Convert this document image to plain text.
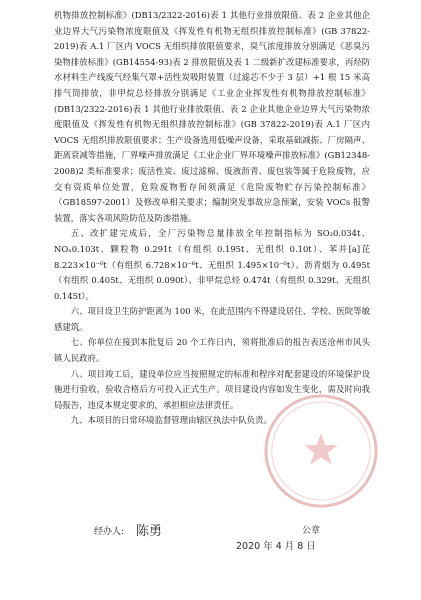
机物排放控制标准》(DB13/2322-2016)表 1 其他行业排放限值、表 2 企业其他企业边界大气污染物浓度限值及《挥发性有机物无组织排放控制标准》(GB 37822-2019)表 A.1 厂区内 VOCS 无组织排放限值要求，臭气浓度排放分别满足《恶臭污染物排放标准》(GB14554-93)表 2 排放限值及表 1 二级新扩改建标准要求，丙烃防水材料生产线废气经集气罩+活性炭吸附装置（过滤芯不少于 3 层）+1 根 15 米高排气筒排放，非甲烷总烃排放分别满足《工业企业挥发性有机物排放控制标准》(DB13/2322-2016)表 1 其他行业排放限值、表 2 企业其他企业边界大气污染物浓度限值及《挥发性有机物无组织排放控制标准》(GB 37822-2019)表 A.1 厂区内 VOCS 无组织排放限值要求；生产设备选用低噪声设备，采取基础减振、厂房隔声、距离衰减等措施，厂界噪声排放满足《工业企业厂界环境噪声排放标准》(GB12348-2008)2 类标准要求；废活性炭、废过滤棉、废液沥青、废包装等属于危险废物，应交有资质单位处置，危险废物暂存间须满足《危险废物贮存污染控制标准》（GB18597-2001）及修改单相关要求；编制突发事故应急预案，安装 VOCs 报警装置，落实各项风险防范及防渗措施。

五、改扩建完成后，全厂污染物总量排放全年控制指标为 SO₂0.034t、NOₓ0.103t、颗粒物 0.291t（有组织 0.195t、无组织 0.10t）、苯并[a]芘 8.223×10⁻⁶t（有组织 6.728×10⁻⁶t、无组织 1.495×10⁻⁶t）、沥青烟为 0.495t（有组织 0.405t、无组织 0.090t）、非甲烷总烃 0.474t（有组织 0.329t、无组织 0.145t）。

六、项目设卫生防护距离为 100 米，在此范围内不得建设居住、学校、医院等敏感建筑。

七、你单位在接到本批复后 20 个工作日内，须将批准后的报告表送沧州市风头镇人民政府。

八、项目竣工后，建设单位应当按照规定的标准和程序对配套建设的环境保护设施进行验收，验收合格后方可投入正式生产。项目建设内容如发生变化，需及时向我局报告，违反本规定要求的，承担相应法律责任。

九、本项目的日常环境监督管理由辖区执法中队负责。

经办人: 陈勇	公章
2020 年 4 月 8 日
